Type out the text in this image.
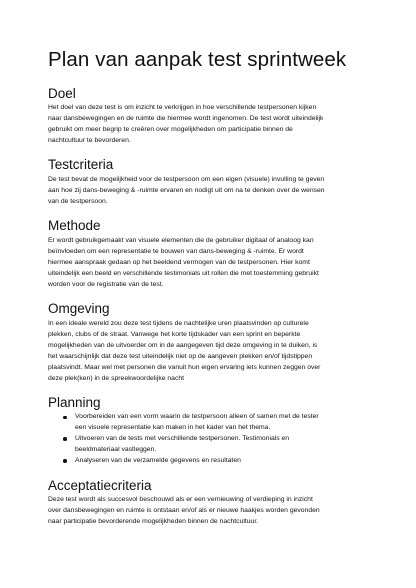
Plan van aanpak test sprintweek
Doel
Het doel van deze test is om inzicht te verkrijgen in hoe verschillende testpersonen kijken
naar dansbewegingen en de ruimte die hiermee wordt ingenomen. De test wordt uiteindelijk
gebruikt om meer begrip te creëren over mogelijkheden om participatie binnen de
nachtcultuur te bevorderen.
Testcriteria
De test bevat de mogelijkheid voor de testpersoon om een eigen (visuele) invulling te geven
aan hoe zij dans-beweging & -ruimte ervaren en nodigt uit om na te denken over de wensen
van de testpersoon.
Methode
Er wordt gebruikgemaakt van visuele elementen die de gebruiker digitaal of analoog kan
beïnvloeden om een representatie te bouwen van dans-beweging & -ruimte. Er wordt
hiermee aanspraak gedaan op het beeldend vermogen van de testpersonen. Hier komt
uiteindelijk een beeld en verschillende testimonials uit rollen die met toestemming gebruikt
worden voor de registratie van de test.
Omgeving
In een ideale wereld zou deze test tijdens de nachtelijke uren plaatsvinden op culturele
plekken, clubs of de straat. Vanwege het korte tijdskader van een sprint en beperkte
mogelijkheden van de uitvoerder om in de aangegeven tijd deze omgeving in te duiken, is
het waarschijnlijk dat deze test uiteindelijk niet op de aangeven plekken en/of tijdstippen
plaatsvindt. Maar wel met personen die vanuit hun eigen ervaring iets kunnen zeggen over
deze plek(ken) in de spreekwoordelijke nacht
Planning
Voorbereiden van een vorm waarin de testpersoon alleen of samen met de tester
een visuele representatie kan maken in het kader van het thema.
Uitvoeren van de tests met verschillende testpersonen. Testimonials en
beeldmateriaal vastleggen.
Analyseren van de verzamelde gegevens en resultaten
Acceptatiecriteria
Deze test wordt als succesvol beschouwd als er een vernieuwing of verdieping in inzicht
over dansbewegingen en ruimte is ontstaan en/of als er nieuwe haakjes worden gevonden
naar participatie bevorderende mogelijkheden binnen de nachtcultuur.
